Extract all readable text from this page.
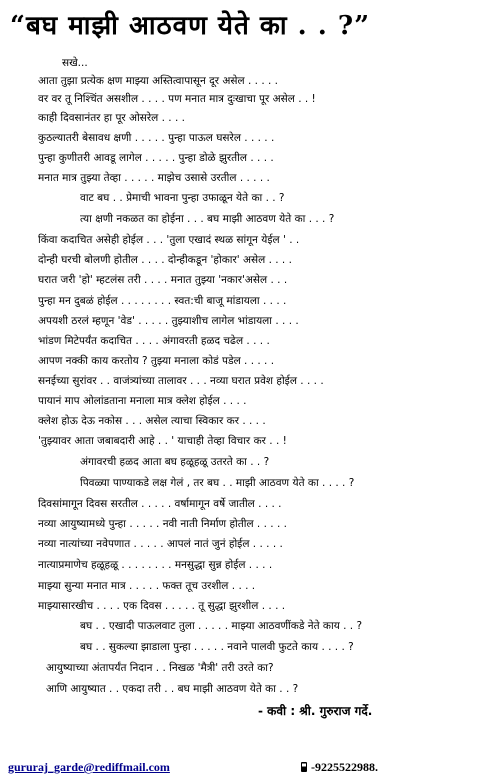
“बघ माझी आठवण येते का . . ?”
सखे...
आता तुझा प्रत्येक क्षण माझ्या अस्तित्वापासून दूर असेल . . . . .
वर वर तू निश्चिंत असशील . . . . पण मनात मात्र दुःखाचा पूर असेल . . !
काही दिवसानंतर हा पूर ओसरेल . . . .
कुठल्यातरी बेसावध क्षणी . . . . . पुन्हा पाऊल घसरेल . . . . .
पुन्हा कुणीतरी आवडू लागेल . . . . . पुन्हा डोळे झुरतील . . . .
मनात मात्र तुझ्या तेव्हा . . . . . माझेच उसासे उरतील . . . . .
वाट बघ . . प्रेमाची भावना पुन्हा उफाळून येते का . . ?
त्या क्षणी नकळत का होईना . . . बघ माझी आठवण येते का . . . ?
किंवा कदाचित असेही होईल . . . 'तुला एखादं स्थळ सांगून येईल ' . .
दोन्ही घरची बोलणी होतील . . . . दोन्हीकडून 'होकार' असेल . . . .
घरात जरी 'हो' म्हटलंस तरी . . . . मनात तुझ्या 'नकार'असेल . . .
पुन्हा मन दुबळं होईल . . . . . . . . स्वत:ची बाजू मांडायला . . . .
अपयशी ठरलं म्हणून 'वेड' . . . . . तुझ्याशीच लागेल भांडायला . . . .
भांडण मिटेपर्यंत कदाचित . . . . अंगावरती हळद चढेल . . . .
आपण नक्की काय करतोय ? तुझ्या मनाला कोडं पडेल . . . . .
सनईच्या सुरांवर . . वाजंत्र्यांच्या तालावर . . . नव्या घरात प्रवेश होईल . . . .
पायानं माप ओलांडताना मनाला मात्र क्लेश होईल . . . .
क्लेश होऊ देऊ नकोस . . . असेल त्याचा स्विकार कर . . . .
'तुझ्यावर आता जबाबदारी आहे . . ' याचाही तेव्हा विचार कर . . !
अंगावरची हळद आता बघ हळूहळू उतरते का . . ?
पिवळ्या पाण्याकडे लक्ष गेलं , तर बघ . . माझी आठवण येते का . . . . ?
दिवसांमागून दिवस सरतील . . . . . वर्षामागून वर्षे जातील . . . .
नव्या आयुष्यामध्ये पुन्हा . . . . . नवी नाती निर्माण होतील . . . . .
नव्या नात्यांच्या नवेपणात . . . . . आपलं नातं जुनं होईल . . . . .
नात्याप्रमाणेच हळूहळू . . . . . . . . मनसुद्धा सुन्न होईल . . . .
माझ्या सुन्या मनात मात्र . . . . . फक्त तूच उरशील . . . .
माझ्यासारखीच . . . . एक दिवस . . . . . तू सुद्धा झुरशील . . . .
बघ . . एखादी पाऊलवाट तुला . . . . . माझ्या आठवणींकडे नेते काय . . ?
बघ . . सुकल्या झाडाला पुन्हा . . . . . नवाने पालवी फुटते काय . . . . ?
आयुष्याच्या अंतापर्यंत निदान . . निखळ 'मैत्री' तरी उरते का?
आणि आयुष्यात . . एकदा तरी . . बघ माझी आठवण येते का . . ?
- कवी : श्री. गुरुराज गर्दे.
gururaj_garde@rediffmail.com	-9225522988.
